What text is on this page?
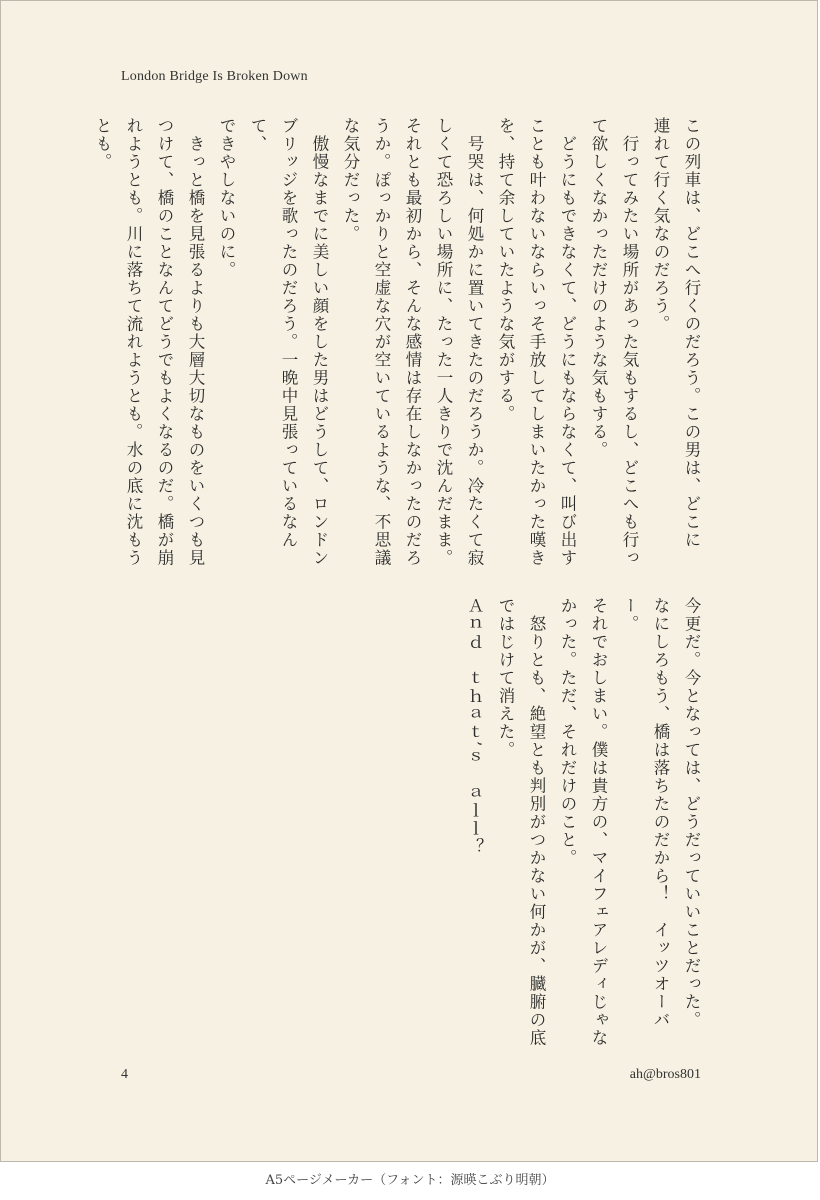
London Bridge Is Broken Down

この列車は、どこへ行くのだろう。この男は、どこに

連れて行く気なのだろう。

　行ってみたい場所があった気もするし、どこへも行っ

て欲しくなかっただけのような気もする。

　どうにもできなくて、どうにもならなくて、叫び出す

ことも叶わないならいっそ手放してしまいたかった嘆き

を、持て余していたような気がする。

　号哭は、何処かに置いてきたのだろうか。冷たくて寂

しくて恐ろしい場所に、たった一人きりで沈んだまま。

それとも最初から、そんな感情は存在しなかったのだろ

うか。ぽっかりと空虚な穴が空いているような、不思議

な気分だった。

　傲慢なまでに美しい顔をした男はどうして、ロンドン

ブリッジを歌ったのだろう。一晩中見張っているなんて、

できやしないのに。

　きっと橋を見張るよりも大層大切なものをいくつも見

つけて、橋のことなんてどうでもよくなるのだ。橋が崩

れようとも。川に落ちて流れようとも。水の底に沈もう

とも。

今更だ。今となっては、どうだっていいことだった。

なにしろもう、橋は落ちたのだから！　イッツオーバー。

それでおしまい。僕は貴方の、マイフェアレディじゃな

かった。ただ、それだけのこと。

　怒りとも、絶望とも判別がつかない何かが、臓腑の底

ではじけて消えた。

Ａｎｄ　ｔｈａｔ’ｓ　ａｌｌ？

4	ah@bros801
A5ページメーカー（フォント：源暎こぶり明朝）
